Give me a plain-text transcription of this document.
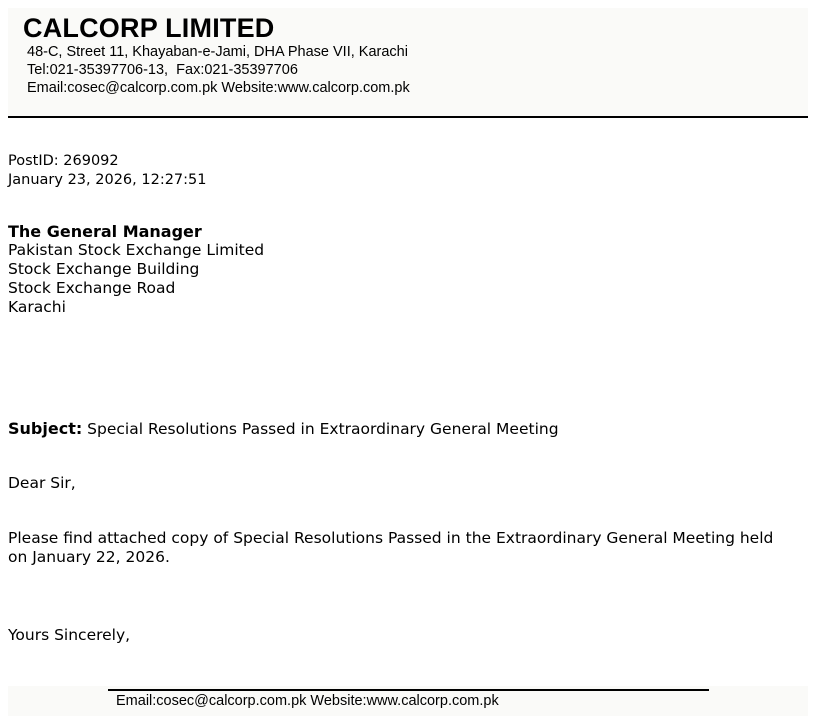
CALCORP LIMITED
48-C, Street 11, Khayaban-e-Jami, DHA Phase VII, Karachi
Tel:021-35397706-13,  Fax:021-35397706
Email:cosec@calcorp.com.pk Website:www.calcorp.com.pk
PostID: 269092
January 23, 2026, 12:27:51
The General Manager
Pakistan Stock Exchange Limited
Stock Exchange Building
Stock Exchange Road
Karachi
Subject: Special Resolutions Passed in Extraordinary General Meeting
Dear Sir,

Please find attached copy of Special Resolutions Passed in the Extraordinary General Meeting held on January 22, 2026.

Yours Sincerely,
Email:cosec@calcorp.com.pk Website:www.calcorp.com.pk
